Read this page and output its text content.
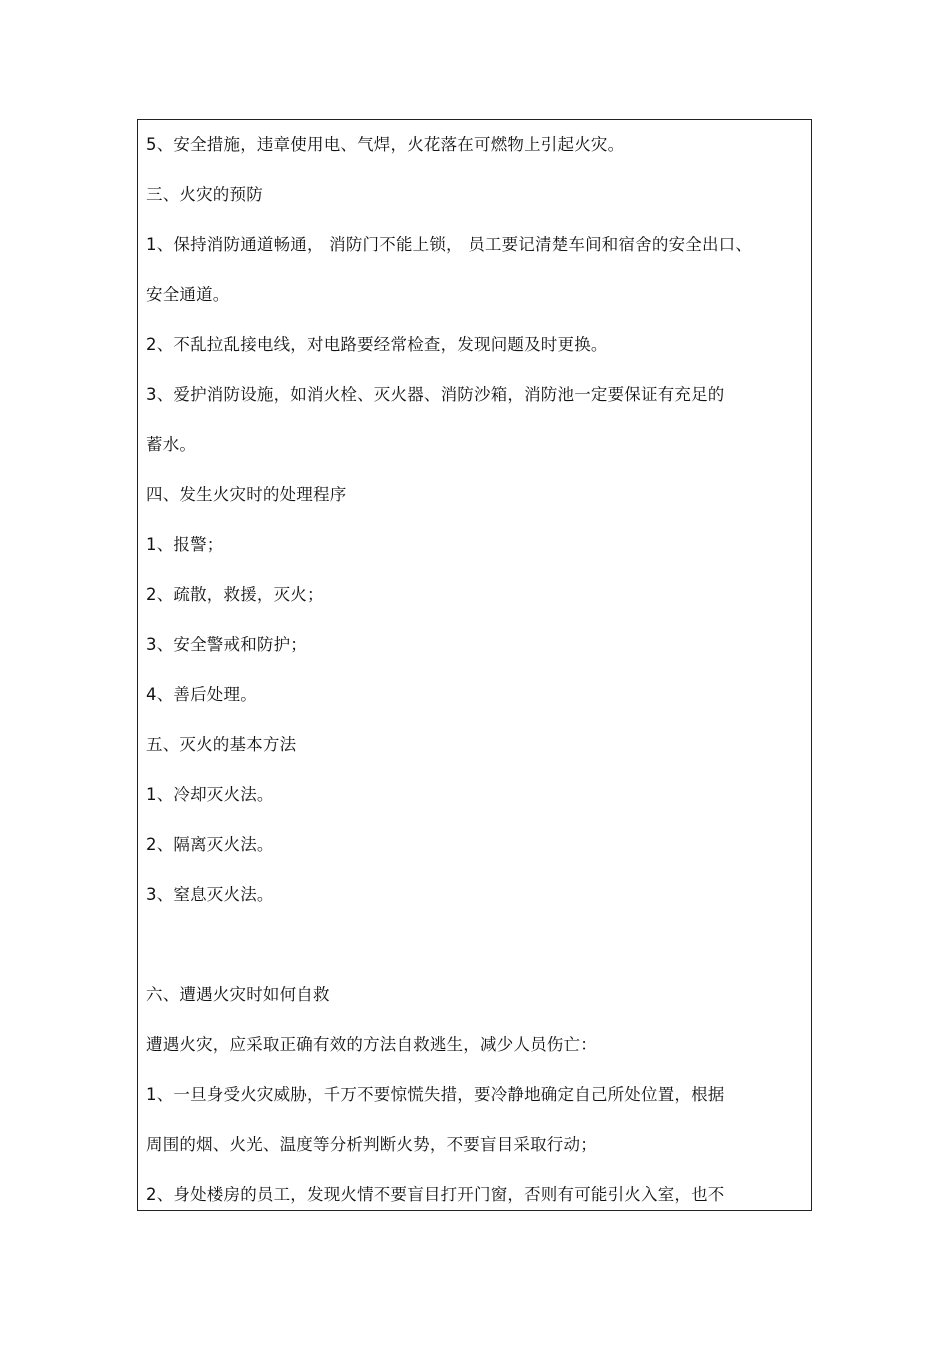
5、安全措施，违章使用电、气焊，火花落在可燃物上引起火灾。
三、火灾的预防
1、保持消防通道畅通， 消防门不能上锁， 员工要记清楚车间和宿舍的安全出口、
安全通道。
2、不乱拉乱接电线，对电路要经常检查，发现问题及时更换。
3、爱护消防设施，如消火栓、灭火器、消防沙箱，消防池一定要保证有充足的
蓄水。
四、发生火灾时的处理程序
1、报警；
2、疏散，救援，灭火；
3、安全警戒和防护；
4、善后处理。
五、灭火的基本方法
1、冷却灭火法。
2、隔离灭火法。
3、窒息灭火法。
六、遭遇火灾时如何自救
遭遇火灾，应采取正确有效的方法自救逃生，减少人员伤亡：
1、一旦身受火灾威胁，千万不要惊慌失措，要冷静地确定自己所处位置，根据
周围的烟、火光、温度等分析判断火势，不要盲目采取行动；
2、身处楼房的员工，发现火情不要盲目打开门窗，否则有可能引火入室，也不
